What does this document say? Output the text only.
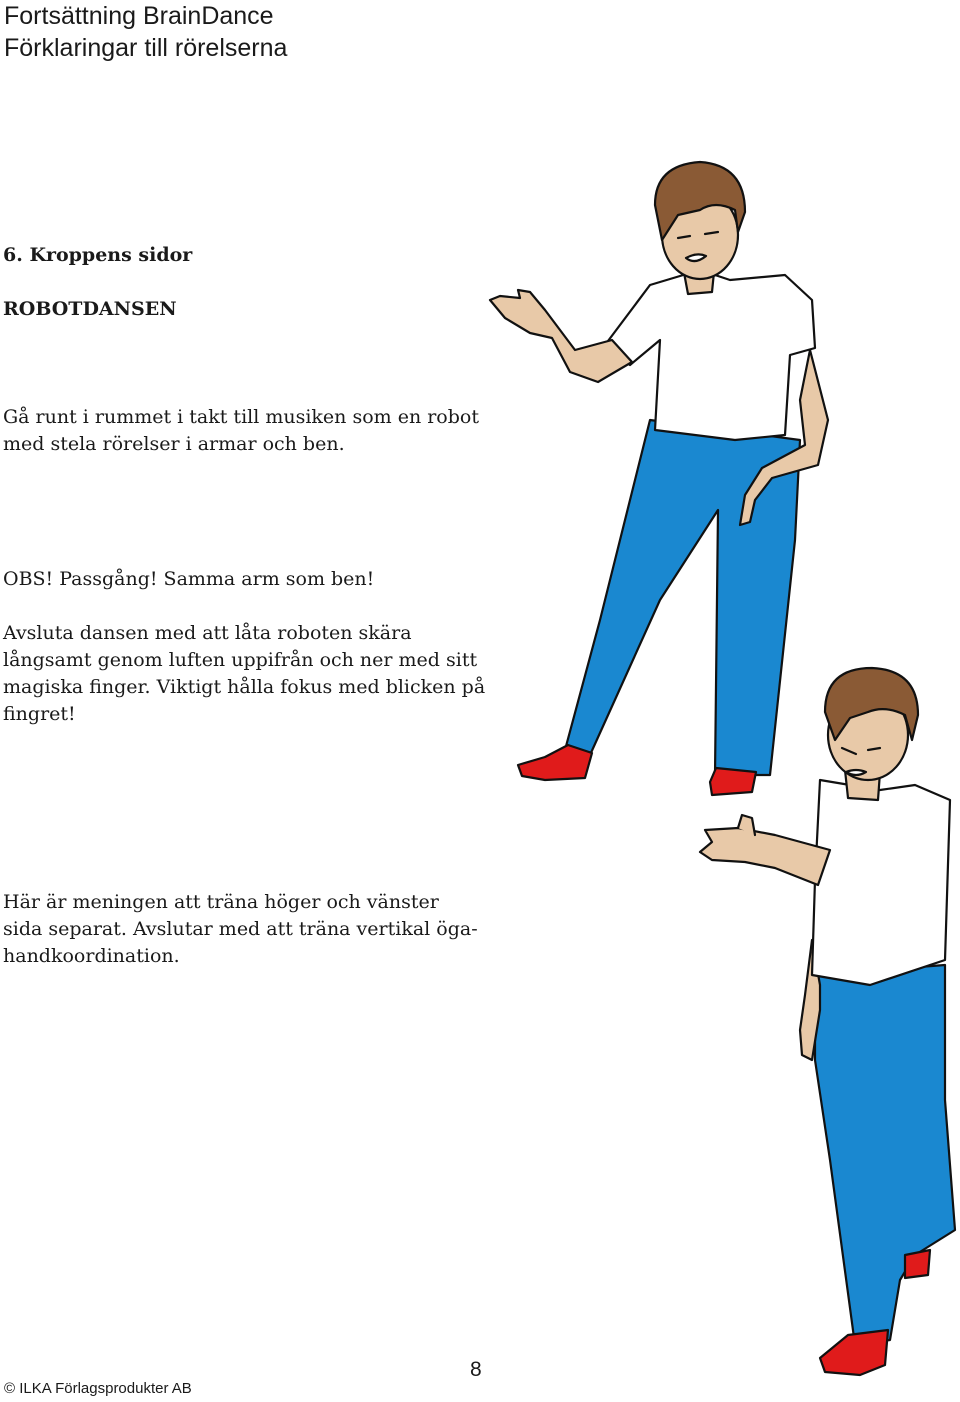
Fortsättning BrainDance
Förklaringar till rörelserna
6. Kroppens sidor
ROBOTDANSEN
Gå runt i rummet i takt till musiken som en robot
med stela rörelser i armar och ben.
OBS! Passgång! Samma arm som ben!
Avsluta dansen med att låta roboten skära
långsamt genom luften uppifrån och ner med sitt
magiska finger. Viktigt hålla fokus med blicken på
fingret!
Här är meningen att träna höger och vänster
sida separat. Avslutar med att träna vertikal öga-
handkoordination.
8
© ILKA Förlagsprodukter AB
